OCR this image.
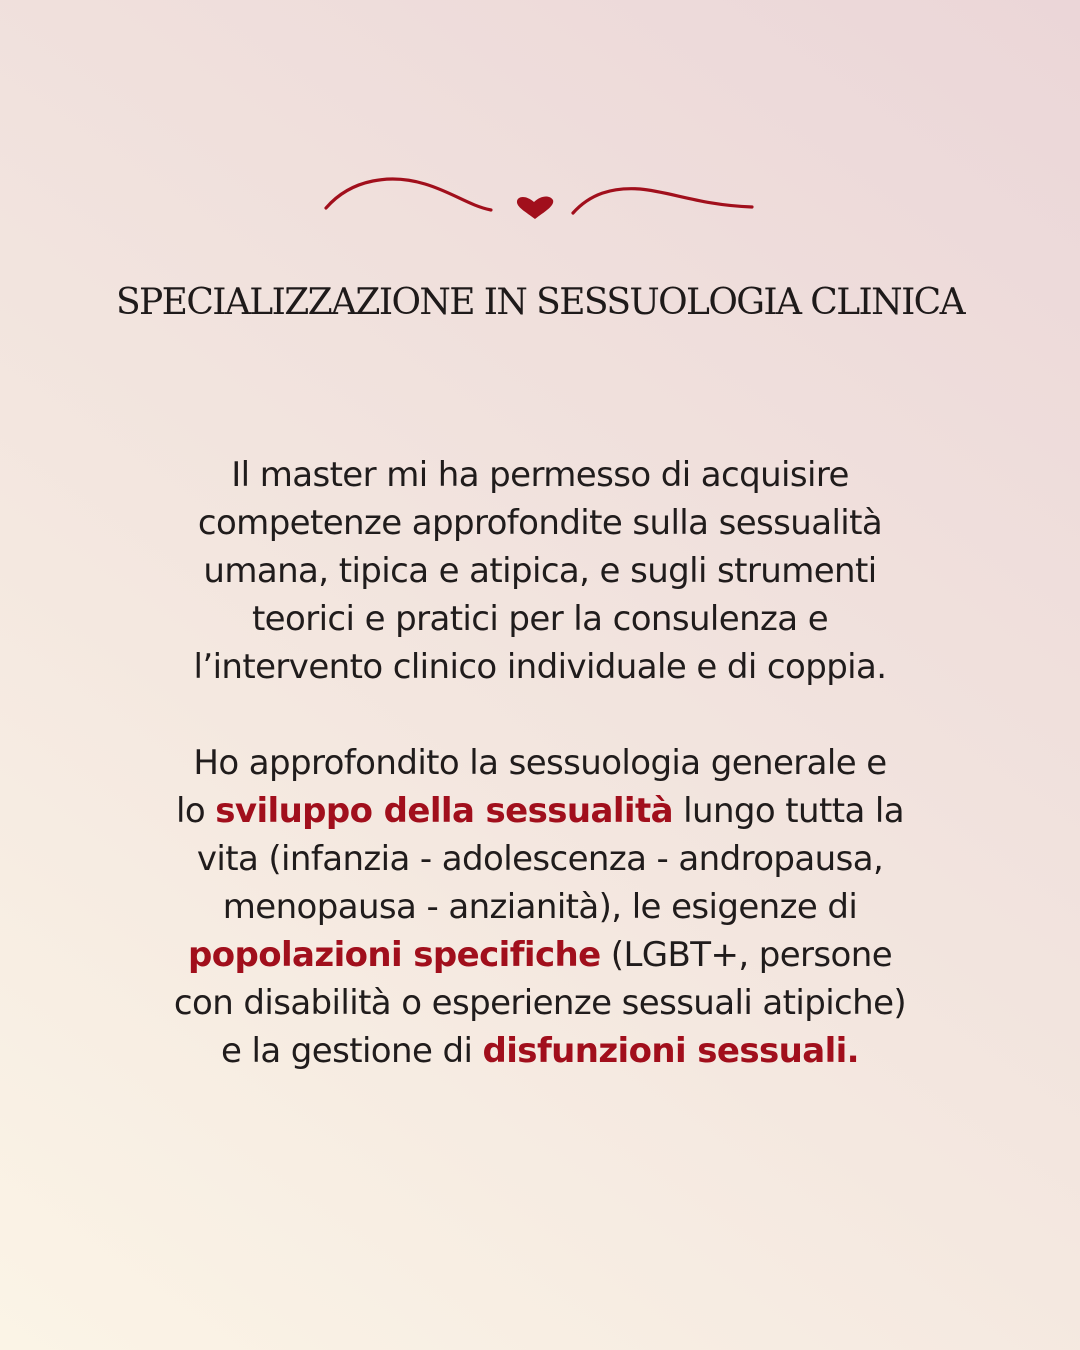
SPECIALIZZAZIONE IN SESSUOLOGIA CLINICA

Il master mi ha permesso di acquisire
competenze approfondite sulla sessualità
umana, tipica e atipica, e sugli strumenti
teorici e pratici per la consulenza e
l’intervento clinico individuale e di coppia.

Ho approfondito la sessuologia generale e
lo sviluppo della sessualità lungo tutta la
vita (infanzia - adolescenza - andropausa,
menopausa - anzianità), le esigenze di
popolazioni specifiche (LGBT+, persone
con disabilità o esperienze sessuali atipiche)
e la gestione di disfunzioni sessuali.
